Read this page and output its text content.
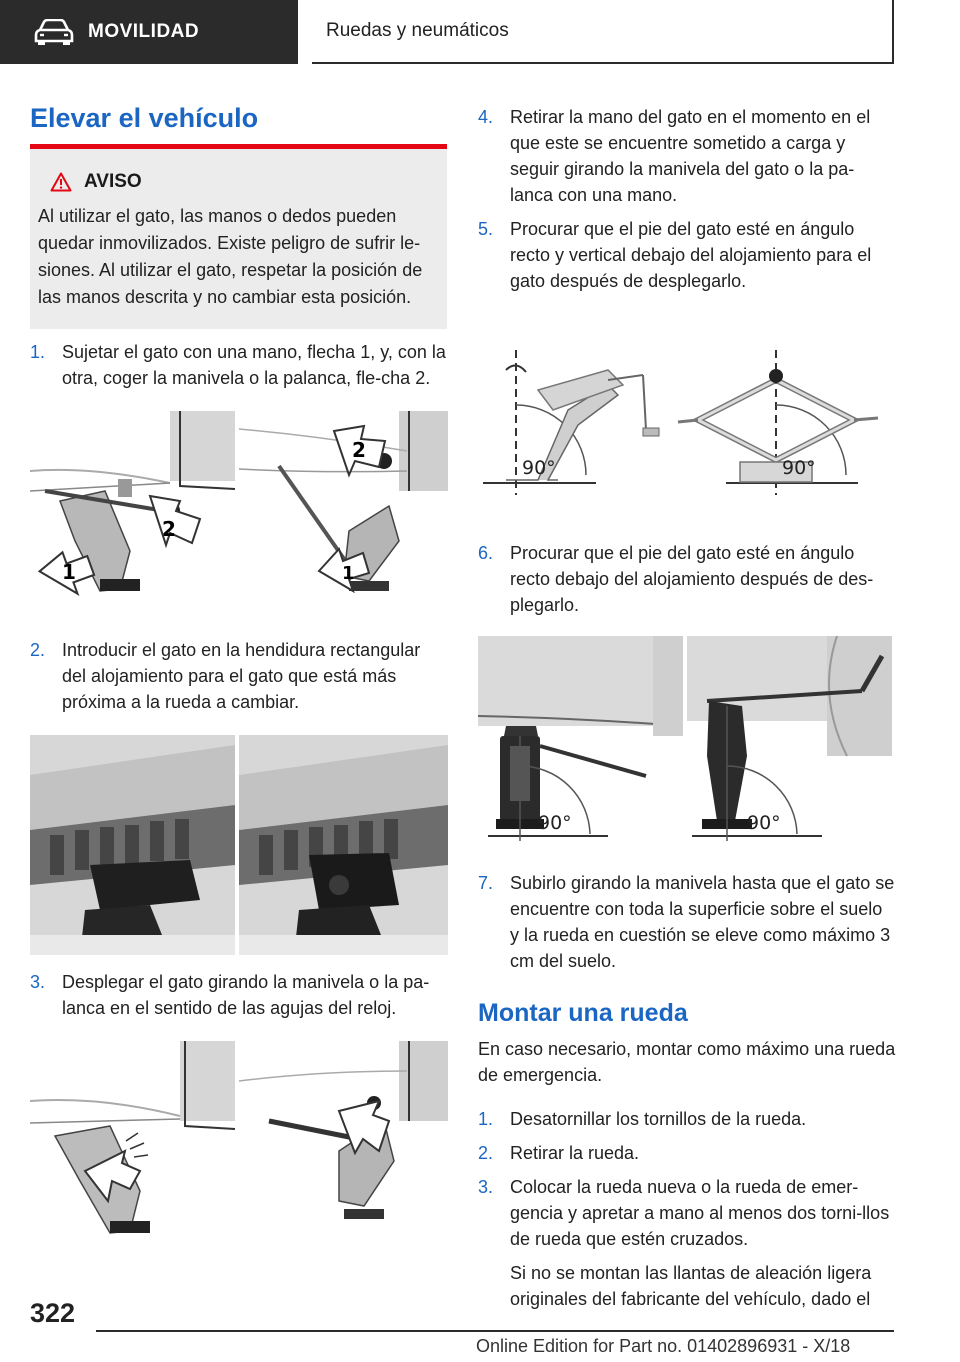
MOVILIDAD	Ruedas y neumáticos
Elevar el vehículo
AVISO

Al utilizar el gato, las manos o dedos pueden quedar inmovilizados. Existe peligro de sufrir le-siones. Al utilizar el gato, respetar la posición de las manos descrita y no cambiar esta posición.

1. Sujetar el gato con una mano, flecha 1, y, con la otra, coger la manivela o la palanca, fle-cha 2.
2
1
2
1
2. Introducir el gato en la hendidura rectangular del alojamiento para el gato que está más próxima a la rueda a cambiar.
3. Desplegar el gato girando la manivela o la pa-lanca en el sentido de las agujas del reloj.
4. Retirar la mano del gato en el momento en el que este se encuentre sometido a carga y seguir girando la manivela del gato o la pa-lanca con una mano.
5. Procurar que el pie del gato esté en ángulo recto y vertical debajo del alojamiento para el gato después de desplegarlo.
90°	90°
6. Procurar que el pie del gato esté en ángulo recto debajo del alojamiento después de des-plegarlo.
90°	90°
7. Subirlo girando la manivela hasta que el gato se encuentre con toda la superficie sobre el suelo y la rueda en cuestión se eleve como máximo 3 cm del suelo.
Montar una rueda
En caso necesario, montar como máximo una rueda de emergencia.
1. Desatornillar los tornillos de la rueda.
2. Retirar la rueda.
3. Colocar la rueda nueva o la rueda de emer-gencia y apretar a mano al menos dos torni-llos de rueda que estén cruzados.
Si no se montan las llantas de aleación ligera originales del fabricante del vehículo, dado el
322
Online Edition for Part no. 01402896931 - X/18
